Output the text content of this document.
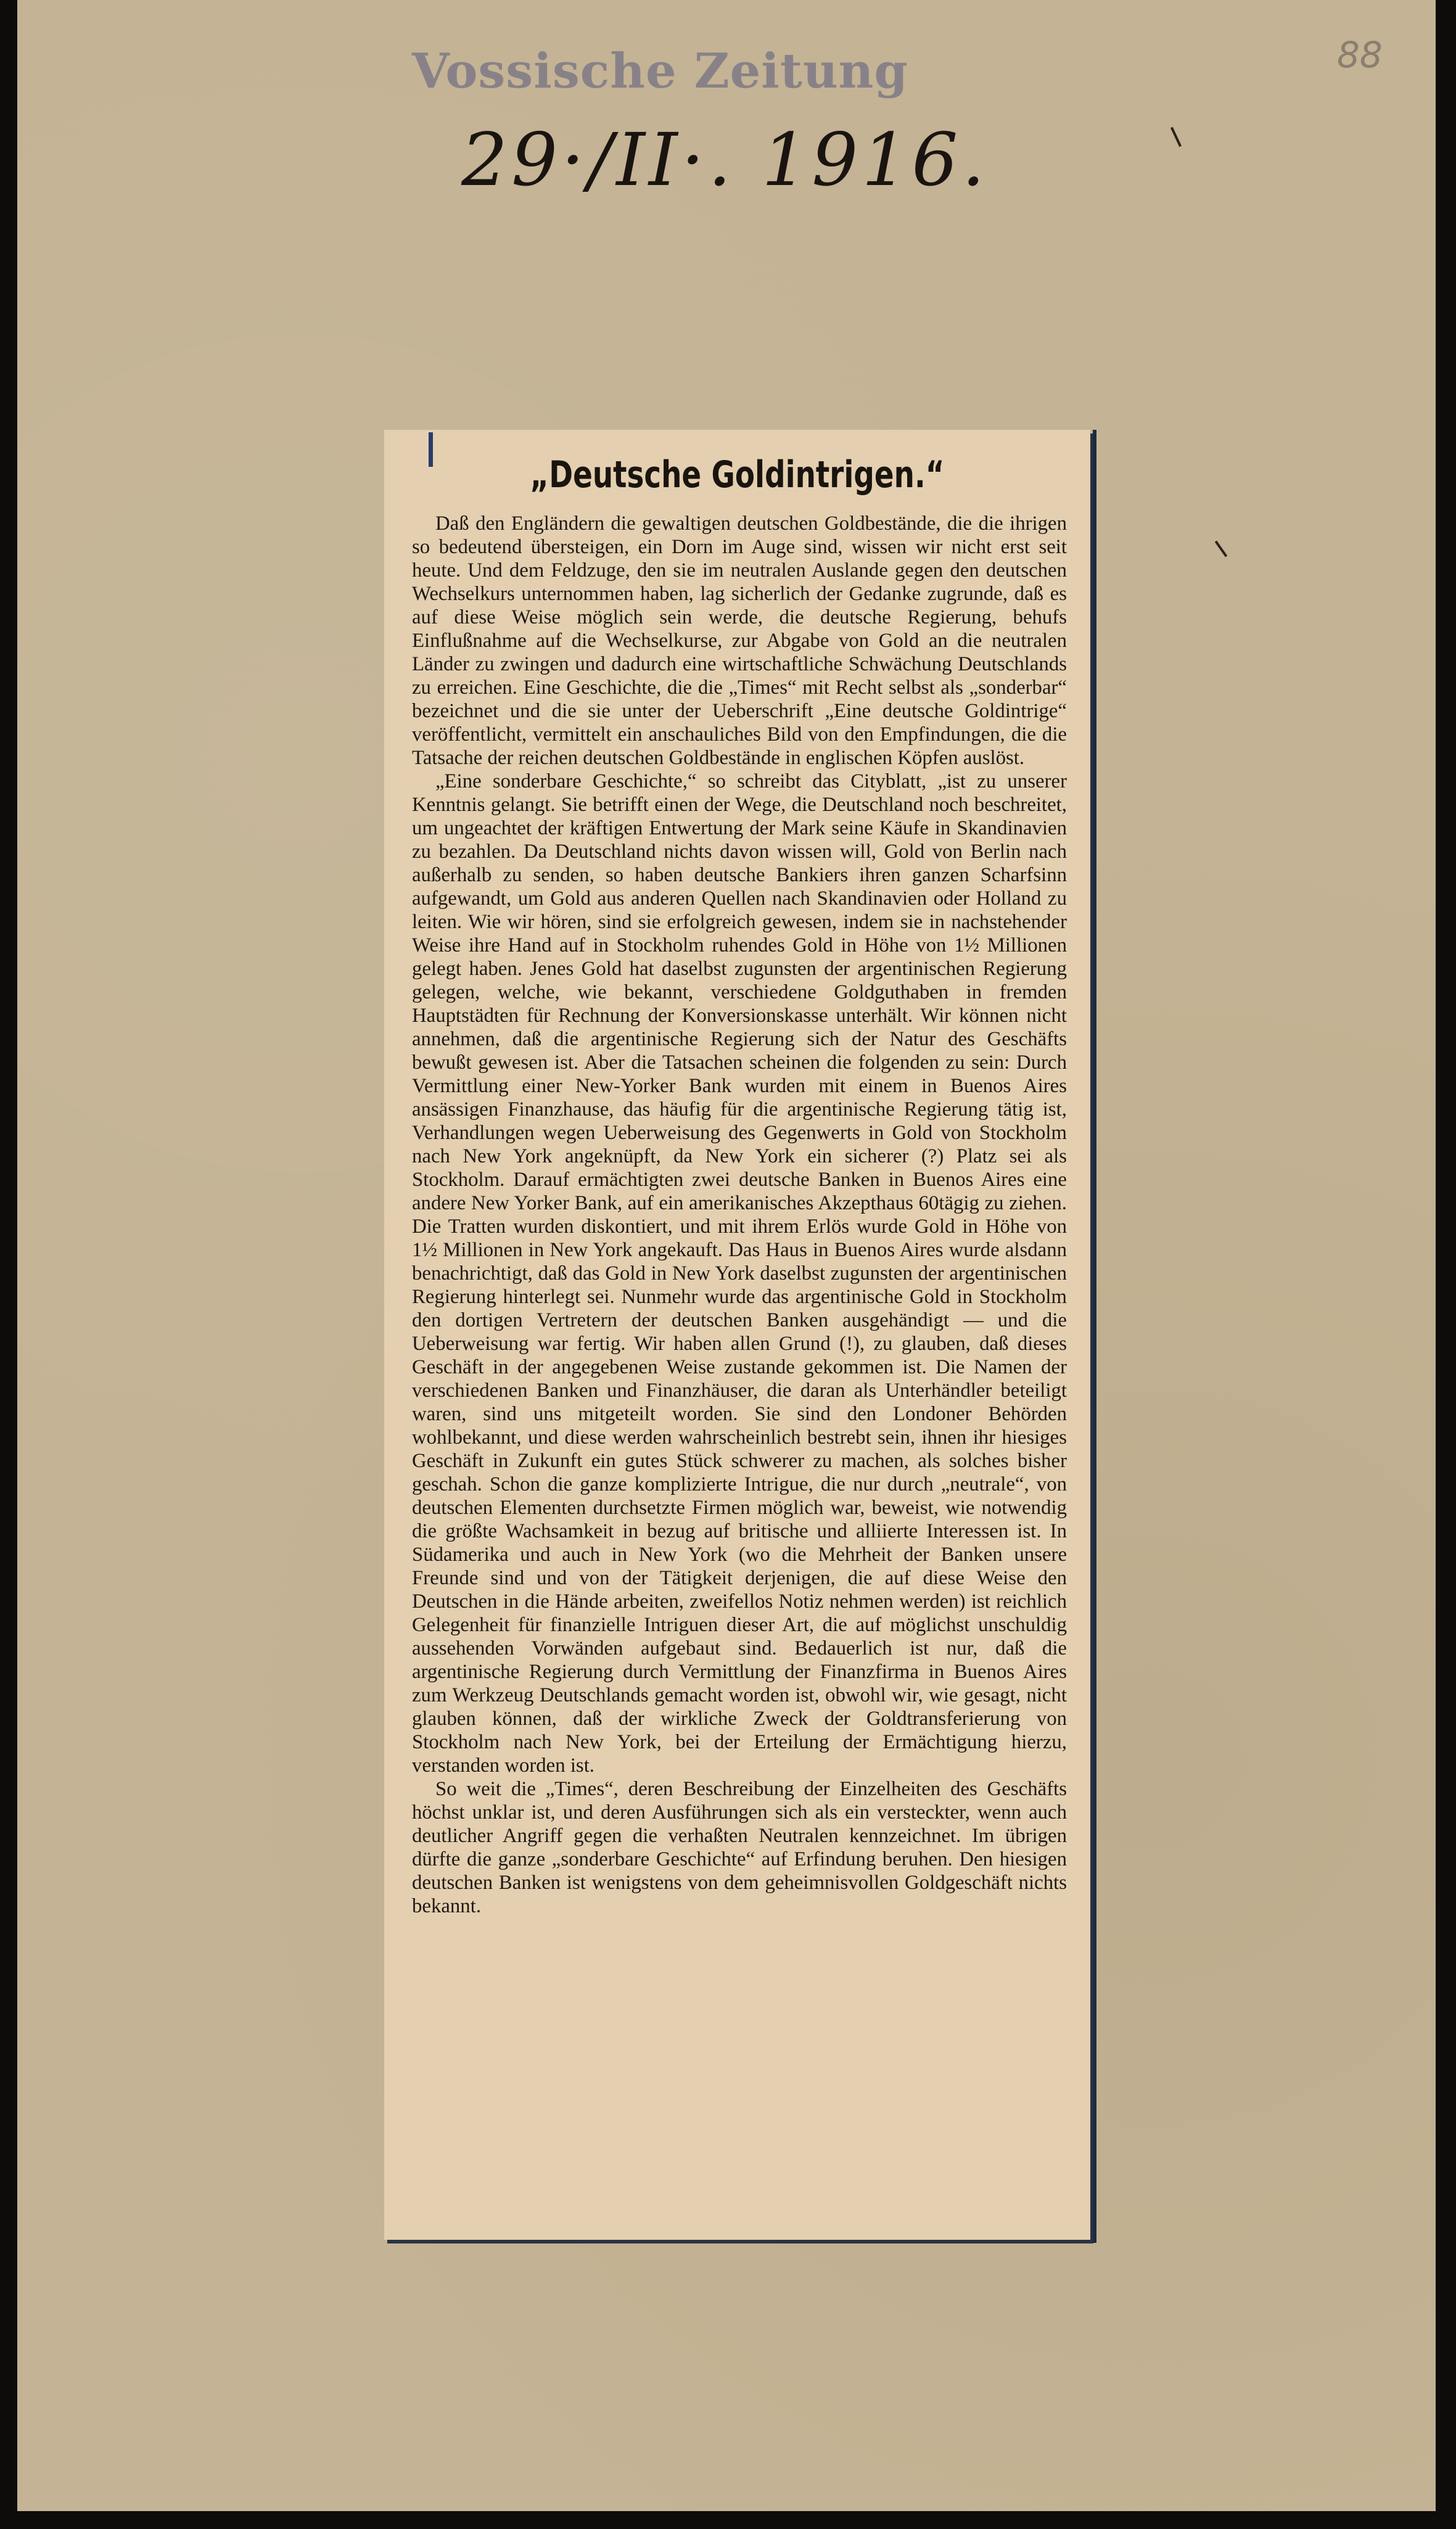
Vossische Zeitung
29·/II·. 1916.
88
„Deutsche Goldintrigen.“

Daß den Engländern die gewaltigen deutschen Goldbestände, die die ihrigen so bedeutend übersteigen, ein Dorn im Auge sind, wissen wir nicht erst seit heute. Und dem Feldzuge, den sie im neutralen Auslande gegen den deutschen Wechselkurs unternommen haben, lag sicherlich der Gedanke zugrunde, daß es auf diese Weise möglich sein werde, die deutsche Regierung, behufs Einflußnahme auf die Wechselkurse, zur Abgabe von Gold an die neutralen Länder zu zwingen und dadurch eine wirtschaftliche Schwächung Deutschlands zu erreichen. Eine Geschichte, die die „Times“ mit Recht selbst als „sonderbar“ bezeichnet und die sie unter der Ueberschrift „Eine deutsche Goldintrige“ veröffentlicht, vermittelt ein anschauliches Bild von den Empfindungen, die die Tatsache der reichen deutschen Goldbestände in englischen Köpfen auslöst.

„Eine sonderbare Geschichte,“ so schreibt das Cityblatt, „ist zu unserer Kenntnis gelangt. Sie betrifft einen der Wege, die Deutschland noch beschreitet, um ungeachtet der kräftigen Entwertung der Mark seine Käufe in Skandinavien zu bezahlen. Da Deutschland nichts davon wissen will, Gold von Berlin nach außerhalb zu senden, so haben deutsche Bankiers ihren ganzen Scharfsinn aufgewandt, um Gold aus anderen Quellen nach Skandinavien oder Holland zu leiten. Wie wir hören, sind sie erfolgreich gewesen, indem sie in nachstehender Weise ihre Hand auf in Stockholm ruhendes Gold in Höhe von 1½ Millionen gelegt haben. Jenes Gold hat daselbst zugunsten der argentinischen Regierung gelegen, welche, wie bekannt, verschiedene Goldguthaben in fremden Hauptstädten für Rechnung der Konversionskasse unterhält. Wir können nicht annehmen, daß die argentinische Regierung sich der Natur des Geschäfts bewußt gewesen ist. Aber die Tatsachen scheinen die folgenden zu sein: Durch Vermittlung einer New-Yorker Bank wurden mit einem in Buenos Aires ansässigen Finanzhause, das häufig für die argentinische Regierung tätig ist, Verhandlungen wegen Ueberweisung des Gegenwerts in Gold von Stockholm nach New York angeknüpft, da New York ein sicherer (?) Platz sei als Stockholm. Darauf ermächtigten zwei deutsche Banken in Buenos Aires eine andere New Yorker Bank, auf ein amerikanisches Akzepthaus 60tägig zu ziehen. Die Tratten wurden diskontiert, und mit ihrem Erlös wurde Gold in Höhe von 1½ Millionen in New York angekauft. Das Haus in Buenos Aires wurde alsdann benachrichtigt, daß das Gold in New York daselbst zugunsten der argentinischen Regierung hinterlegt sei. Nunmehr wurde das argentinische Gold in Stockholm den dortigen Vertretern der deutschen Banken ausgehändigt — und die Ueberweisung war fertig. Wir haben allen Grund (!), zu glauben, daß dieses Geschäft in der angegebenen Weise zustande gekommen ist. Die Namen der verschiedenen Banken und Finanzhäuser, die daran als Unterhändler beteiligt waren, sind uns mitgeteilt worden. Sie sind den Londoner Behörden wohlbekannt, und diese werden wahrscheinlich bestrebt sein, ihnen ihr hiesiges Geschäft in Zukunft ein gutes Stück schwerer zu machen, als solches bisher geschah. Schon die ganze komplizierte Intrigue, die nur durch „neutrale“, von deutschen Elementen durchsetzte Firmen möglich war, beweist, wie notwendig die größte Wachsamkeit in bezug auf britische und alliierte Interessen ist. In Südamerika und auch in New York (wo die Mehrheit der Banken unsere Freunde sind und von der Tätigkeit derjenigen, die auf diese Weise den Deutschen in die Hände arbeiten, zweifellos Notiz nehmen werden) ist reichlich Gelegenheit für finanzielle Intriguen dieser Art, die auf möglichst unschuldig aussehenden Vorwänden aufgebaut sind. Bedauerlich ist nur, daß die argentinische Regierung durch Vermittlung der Finanzfirma in Buenos Aires zum Werkzeug Deutschlands gemacht worden ist, obwohl wir, wie gesagt, nicht glauben können, daß der wirkliche Zweck der Goldtransferierung von Stockholm nach New York, bei der Erteilung der Ermächtigung hierzu, verstanden worden ist.

So weit die „Times“, deren Beschreibung der Einzelheiten des Geschäfts höchst unklar ist, und deren Ausführungen sich als ein versteckter, wenn auch deutlicher Angriff gegen die verhaßten Neutralen kennzeichnet. Im übrigen dürfte die ganze „sonderbare Geschichte“ auf Erfindung beruhen. Den hiesigen deutschen Banken ist wenigstens von dem geheimnisvollen Goldgeschäft nichts bekannt.
